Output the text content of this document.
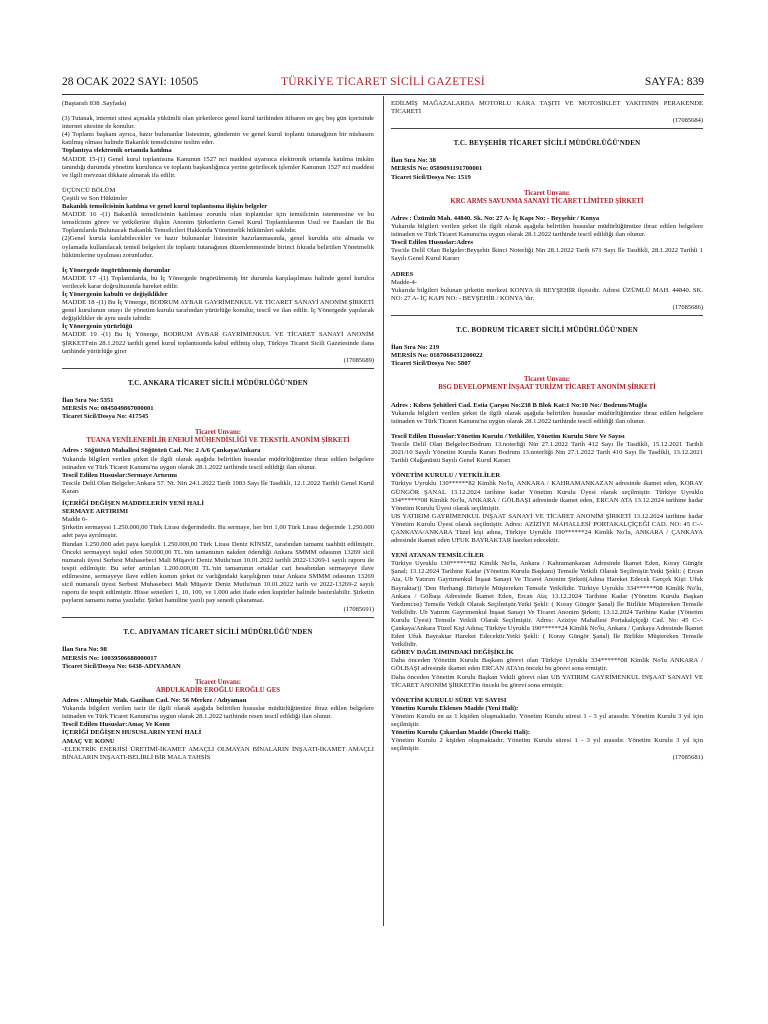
28 OCAK 2022 SAYI: 10505	TÜRKİYE TİCARET SİCİLİ GAZETESİ	SAYFA: 839

(Baştarafı 838 .Sayfada)

(3) Tutanak, internet sitesi açmakla yükümlü olan şirketlerce genel kurul tarihinden itibaren en geç beş gün içerisinde internet sitesine de konulur.

(4) Toplantı başkanı ayrıca, hazır bulunanlar listesinin, gündemin ve genel kurul toplantı tutanağının bir nüshasını katılmış olması halinde Bakanlık temsilcisine teslim eder.

Toplantıya elektronik ortamda katılma

MADDE 15-(1) Genel kurul toplantısına Kanunun 1527 nci maddesi uyarınca elektronik ortamda katılma imkânı tanındığı durumda yönetim kuruluncа ve toplantı başkanlığınca yerine getirilecek işlemler Kanunun 1527 nci maddesi ve ilgili mevzuat dikkate alınarak ifa edilir.

ÜÇÜNCÜ BÖLÜM

Çeşitli ve Son Hükümler

Bakanlık temsilcisinin katılma ve genel kurul toplantısına ilişkin belgeler

MADDE 16 -(1) Bakanlık temsilcisinin katılması zorunlu olan toplantılar için temsilcinin istenmesine ve bu temsilcinin görev ve yetkilerine ilişkin Anonim Şirketlerin Genel Kurul Toplantılarının Usul ve Esasları ile Bu Toplantılarda Bulunacak Bakanlık Temsilcileri Hakkında Yönetmelik hükümleri saklıdır.

(2)Genel kurula katılabilecekler ve hazır bulunanlar listesinin hazırlanmasında, genel kurulda söz almada ve oylamada kullanılacak temsil belgeleri ile toplantı tutanağının düzenlenmesinde birinci fıkrada belirtilen Yönetmelik hükümlerine uyulması zorunludur.

İç Yönergede öngörülmemiş durumlar

MADDE 17 -(1) Toplantılarda, bu İç Yönergede öngörülmemiş bir durumla karşılaşılması halinde genel kurulca verilecek karar doğrultusunda hareket edilir.

İç Yönergenin kabulü ve değişiklikler

MADDE 18 -(1) Bu İç Yönerge, BODRUM AYBAR GAYRİMENKUL VE TİCARET SANAYİ ANONİM ŞİRKETİ genel kurulunun onayı ile yönetim kurulu tarafından yürürlüğe konulur, tescil ve ilan edilir. İç Yönergede yapılacak değişiklikler de aynı usule tabidir.

İç Yönergenin yürürlüğü

MADDE 19 -(1) Bu İç Yönerge, BODRUM AYBAR GAYRİMENKUL VE TİCARET SANAYİ ANONİM ŞİRKETİ'nin 28.1.2022 tarihli genel kurul toplantısında kabul edilmiş olup, Türkiye Ticaret Sicili Gazetesinde ilana tarihinde yürürlüğe girer

(17085689)

T.C. ANKARA TİCARET SİCİLİ MÜDÜRLÜĞÜ'NDEN

İlan Sıra No: 5351

MERSİS No: 0845049867000001

Ticaret Sicil/Dosya No: 417545

Ticaret Unvanı:

TUANA YENİLENEBİLİR ENERJİ MÜHENDİSLİĞİ VE TEKSTİL ANONİM ŞİRKETİ

Adres : Söğütözü Mahallesi Söğütözü Cad. No: 2 A/6 Çankaya/Ankara

Yukarıda bilgileri verilen şirket ile ilgili olarak aşağıda belirtilen hususlar müdürlüğümüze ibraz edilen belgelere istinaden ve Türk Ticaret Kanunu'na uygun olarak 28.1.2022 tarihinde tescil edildiği ilan olunur.

Tescil Edilen Hususlar:Sermaye Artırımı

Tescile Delil Olan Belgeler:Ankara 57. Nt. Nin 24.1.2022 Tarih 1983 Sayı İle Tasdikli, 12.1.2022 Tarihli Genel Kurul Kararı

İÇERİĞİ DEĞİŞEN MADDELERİN YENİ HALİ

SERMAYE ARTIRIMI

Madde 6-

Şirketin sermayesi 1.250.000,00 Türk Lirası değerindedir. Bu sermaye, her biri 1,00 Türk Lirası değerinde 1.250.000 adet paya ayrılmıştır.

Bundan 1.250.000 adet paya karşılık 1.250.000,00 Türk Lirası Deniz KİNSİZ, tarafından tamamı taahhüt edilmiştir. Önceki sermayeyi teşkil eden 50.000,00 TL.'nin tamamının nakden ödendiği Ankara SMMM odasının 13269 sicil numaralı üyesi Serbest Muhasebeci Mali Müşavir Deniz Mutlu'nun 10.01.2022 tarihli 2022-13269-1 sayılı raporu ile tespit edilmiştir. Bu sefer artırılan 1.200.000,00 TL.'nin tamamının ortaklar cari hesabından sermayeye ilave edilmesine, sermayeye ilave edilen kısmın şirket öz varlığındaki karşılığının tutar Ankara SMMM odasının 13269 sicil numaralı üyesi Serbest Muhasebeci Mali Müşavir Deniz Mutlu'nun 10.01.2022 tarih ve 2022-13269-2 sayılı raporu ile tespit edilmiştir. Hisse senetleri 1, 10, 100, ve 1.000 adet ifade eden kupürler halinde bastırılabilir. Şirketin payların tamamı nama yazılıdır. Şirket hamiline yazılı pay senedi çıkaramaz.

(17085691)

T.C. ADIYAMAN TİCARET SİCİLİ MÜDÜRLÜĞÜ'NDEN

İlan Sıra No: 98

MERSİS No: 10039506688000017

Ticaret Sicil/Dosya No: 6438-ADIYAMAN

Ticaret Unvanı:

ABDULKADİR EROĞLU EROĞLU GES

Adres : Altınşehir Mah. Gazihan Cad. No: 56 Merkez / Adıyaman

Yukarıda bilgileri verilen tacir ile ilgili olarak aşağıda belirtilen hususlar müdürlüğümüze ibraz edilen belgelere istinaden ve Türk Ticaret Kanunu'na uygun olarak 28.1.2022 tarihinde resen tescil edildiği ilan olunur.

Tescil Edilen Hususlar:Amaç Ve Konu

İÇERİĞİ DEĞİŞEN HUSUSLARIN YENİ HALİ

AMAÇ VE KONU

-ELEKTRİK ENERJİSİ ÜRETİMİ-İKAMET AMAÇLI OLMAYAN BİNALARIN İNŞAATI-İKAMET AMAÇLI BİNALARIN İNŞAATI-BELİRLİ BİR MALA TAHSİS

EDİLMİŞ MAĞAZALARDA MOTORLU KARA TAŞITI VE MOTOSİKLET YAKITININ PERAKENDE TİCARETİ

(17085684)

T.C. BEYŞEHİR TİCARET SİCİLİ MÜDÜRLÜĞÜ'NDEN

İlan Sıra No: 38

MERSİS No: 0589091191700001

Ticaret Sicil/Dosya No: 1519

Ticaret Unvanı:

KRC ARMS SAVUNMA SANAYİ TİCARET LİMİTED ŞİRKETİ

Adres : Üzümlü Mah. 44840. Sk. No: 27 A- İç Kapı No: - Beyşehir / Konya

Yukarıda bilgileri verilen şirket ile ilgili olarak aşağıda belirtilen hususlar müdürlüğümüze ibraz edilen belgelere istinaden ve Türk Ticaret Kanunu'na uygun olarak 28.1.2022 tarihinde tescil edildiği ilan olunur.

Tescil Edilen Hususlar:Adres

Tescile Delil Olan Belgeler:Beyşehir İkinci Noterliği Nin 28.1.2022 Tarih 671 Sayı İle Tasdikli, 28.1.2022 Tarihli 1 Sayılı Genel Kurul Kararı

ADRES

Madde-4-

Yukarıda bilgileri bulunan şirketin merkezi KONYA ili BEYŞEHİR ilçesidir. Adresi ÜZÜMLÜ MAH. 44840. SK. NO: 27 A- İÇ KAPI NO: - BEYŞEHİR / KONYA 'dır.

(17085686)

T.C. BODRUM TİCARET SİCİLİ MÜDÜRLÜĞÜ'NDEN

İlan Sıra No: 219

MERSİS No: 0187068431200022

Ticaret Sicil/Dosya No: 5807

Ticaret Unvanı:

BSG DEVELOPMENT İNŞAAT TURİZM TİCARET ANONİM ŞİRKETİ

Adres : Kıbrıs Şehitleri Cad. Estia Çarşısı No:238 B Blok Kat:1 No:10 No:/ Bodrum/Muğla

Yukarıda bilgileri verilen şirket ile ilgili olarak aşağıda belirtilen hususlar müdürlüğümüze ibraz edilen belgelere istinaden ve Türk Ticaret Kanunu'na uygun olarak 28.1.2022 tarihinde tescil edildiği ilan olunur.

Tescil Edilen Hususlar:Yönetim Kurulu / Yetkililer, Yönetim Kurulu Süre Ve Sayısı

Tescile Delil Olan Belgeler:Bodrum 13.noterliği Nin 27.1.2022 Tarih 412 Sayı İle Tasdikli, 15.12.2021 Tarihli 2021/10 Sayılı Yönetim Kurulu Kararı Bodrum 13.noterliği Nin 27.1.2022 Tarih 410 Sayı İle Tasdikli, 13.12.2021 Tarihli Olağanüstü Sayılı Genel Kurul Kararı

YÖNETİM KURULU / YETKİLİLER

Türkiye Uyruklu 130******82 Kimlik No'lu, ANKARA / KAHRAMANKAZAN adresinde ikamet eden, KORAY GÜNGÖR ŞANAL 13.12.2024 tarihine kadar Yönetim Kurulu Üyesi olarak seçilmiştir. Türkiye Uyruklu 334******08 Kimlik No'lu, ANKARA / GÖLBAŞI adresinde ikamet eden, ERCAN ATA 13.12.2024 tarihine kadar Yönetim Kurulu Üyesi olarak seçilmiştir.

UB YATIRIM GAYRİMENKUL İNŞAAT SANAYİ VE TİCARET ANONİM ŞİRKETİ 13.12.2024 tarihine kadar Yönetim Kurulu Üyesi olarak seçilmiştir. Adres: AZİZİYE MAHALLESİ PORTAKALÇİÇEĞİ CAD. NO: 45 C-/- ÇANKAYA/ANKARA Tüzel kişi adına, Türkiye Uyruklu 190******24 Kimlik No'lu, ANKARA / ÇANKAYA adresinde ikamet eden UFUK BAYRAKTAR hareket edecektir.

YENİ ATANAN TEMSİLCİLER

Türkiye Uyruklu 130******82 Kimlik No'lu, Ankara / Kahramankazan Adresinde İkamet Eden, Koray Güngör Şanal; 13.12.2024 Tarihine Kadar (Yönetim Kurulu Başkanı) Temsile Yetkili Olarak Seçilmiştir.Yetki Şekli: ( Ercan Ata, Ub Yatırım Gayrimenkul İnşaat Sanayi Ve Ticaret Anonim Şirketi(Adına Hareket Edecek Gerçek Kişi: Ufuk Bayraktar)) 'Den Herhangi Birisiyle Müştereken Temsile Yetkilidir. Türkiye Uyruklu 334******08 Kimlik No'lu, Ankara / Gölbaşı Adresinde İkamet Eden, Ercan Ata; 13.12.2024 Tarihine Kadar (Yönetim Kurulu Başkan Yardımcısı) Temsile Yetkili Olarak Seçilmiştir.Yetki Şekli: ( Koray Güngör Şanal) İle Birlikte Müştereken Temsile Yetkilidir. Ub Yatırım Gayrimenkul İnşaat Sanayi Ve Ticaret Anonim Şirketi; 13.12.2024 Tarihine Kadar (Yönetim Kurulu Üyesi) Temsile Yetkili Olarak Seçilmiştir. Adres: Aziziye Mahallesi Portakalçiçeği Cad. No: 45 C-/- Çankaya/Ankara Tüzel Kişi Adına; Türkiye Uyruklu 190******24 Kimlik No'lu, Ankara / Çankaya Adresinde İkamet Eden Ufuk Bayraktar Hareket Edecektir.Yetki Şekli: ( Koray Güngör Şanal) İle Birlikte Müştereken Temsile Yetkilidir.

GÖREV DAĞILIMINDAKİ DEĞİŞİKLİK

Daha önceden Yönetim Kurulu Başkanı görevi olan Türkiye Uyruklu 334******08 Kimlik No'lu ANKARA / GÖLBAŞI adresinde ikamet eden ERCAN ATA'ın önceki bu görevi sona ermiştir.

Daha önceden Yönetim Kurulu Başkan Vekili görevi olan UB YATIRIM GAYRİMENKUL İNŞAAT SANAYİ VE TİCARET ANONİM ŞİRKETİ'in önceki bu görevi sona ermiştir.

YÖNETİM KURULU SÜRE VE SAYISI

Yönetim Kurulu Eklenen Madde (Yeni Hali):

Yönetim Kurulu en az 1 kişiden oluşmaktadır. Yönetim Kurulu süresi 1 - 3 yıl arasıdır. Yönetim Kurulu 3 yıl için seçilmiştir.

Yönetim Kurulu Çıkarılan Madde (Önceki Hali):

Yönetim Kurulu 2 kişiden oluşmaktadır. Yönetim Kurulu süresi 1 - 3 yıl arasıdır. Yönetim Kurulu 3 yıl için seçilmiştir.

(17085681)
